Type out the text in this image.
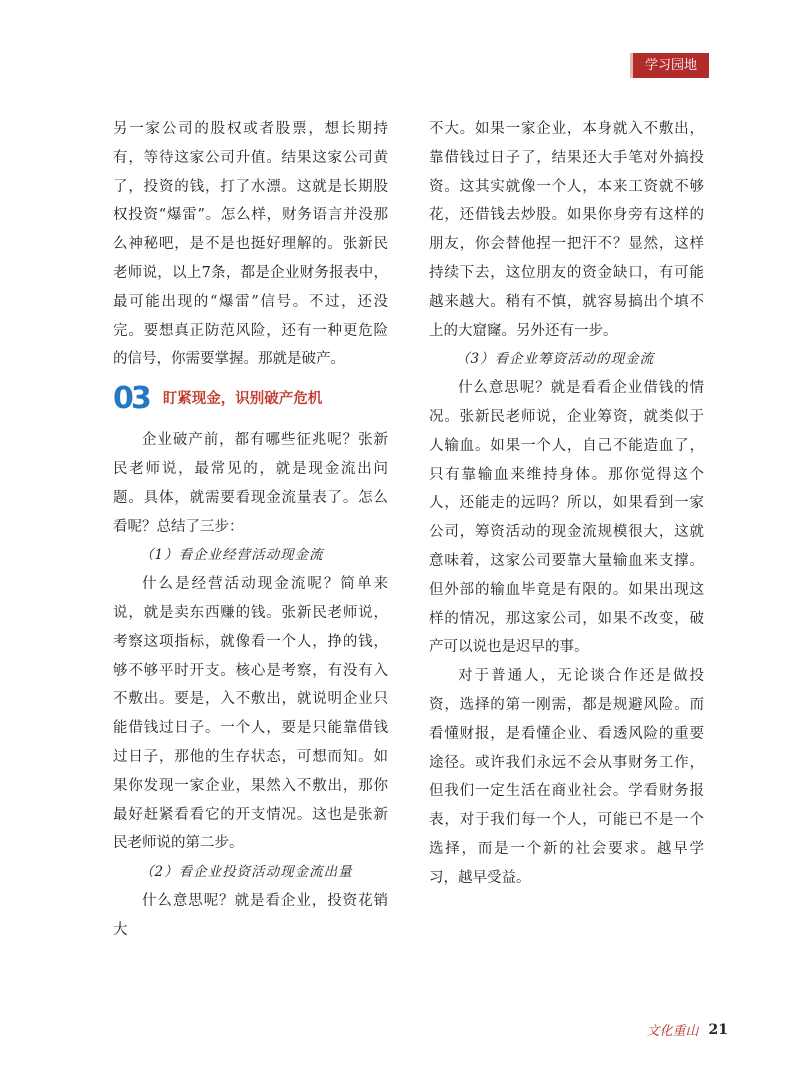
学习园地

另一家公司的股权或者股票，想长期持有，等待这家公司升值。结果这家公司黄了，投资的钱，打了水漂。这就是长期股权投资“爆雷”。怎么样，财务语言并没那么神秘吧，是不是也挺好理解的。张新民老师说，以上7条，都是企业财务报表中，最可能出现的“爆雷”信号。不过，还没完。要想真正防范风险，还有一种更危险的信号，你需要掌握。那就是破产。

03 盯紧现金，识别破产危机

企业破产前，都有哪些征兆呢？张新民老师说，最常见的，就是现金流出问题。具体，就需要看现金流量表了。怎么看呢？总结了三步：

（1）看企业经营活动现金流

什么是经营活动现金流呢？简单来说，就是卖东西赚的钱。张新民老师说，考察这项指标，就像看一个人，挣的钱，够不够平时开支。核心是考察，有没有入不敷出。要是，入不敷出，就说明企业只能借钱过日子。一个人，要是只能靠借钱过日子，那他的生存状态，可想而知。如果你发现一家企业，果然入不敷出，那你最好赶紧看看它的开支情况。这也是张新民老师说的第二步。

（2）看企业投资活动现金流出量

什么意思呢？就是看企业，投资花销大

不大。如果一家企业，本身就入不敷出，靠借钱过日子了，结果还大手笔对外搞投资。这其实就像一个人，本来工资就不够花，还借钱去炒股。如果你身旁有这样的朋友，你会替他捏一把汗不？显然，这样持续下去，这位朋友的资金缺口，有可能越来越大。稍有不慎，就容易搞出个填不上的大窟窿。另外还有一步。

（3）看企业筹资活动的现金流

什么意思呢？就是看看企业借钱的情况。张新民老师说，企业筹资，就类似于人输血。如果一个人，自己不能造血了，只有靠输血来维持身体。那你觉得这个人，还能走的远吗？所以，如果看到一家公司，筹资活动的现金流规模很大，这就意味着，这家公司要靠大量输血来支撑。但外部的输血毕竟是有限的。如果出现这样的情况，那这家公司，如果不改变，破产可以说也是迟早的事。

对于普通人，无论谈合作还是做投资，选择的第一刚需，都是规避风险。而看懂财报，是看懂企业、看透风险的重要途径。或许我们永远不会从事财务工作，但我们一定生活在商业社会。学看财务报表，对于我们每一个人，可能已不是一个选择，而是一个新的社会要求。越早学习，越早受益。

文化重山 21
